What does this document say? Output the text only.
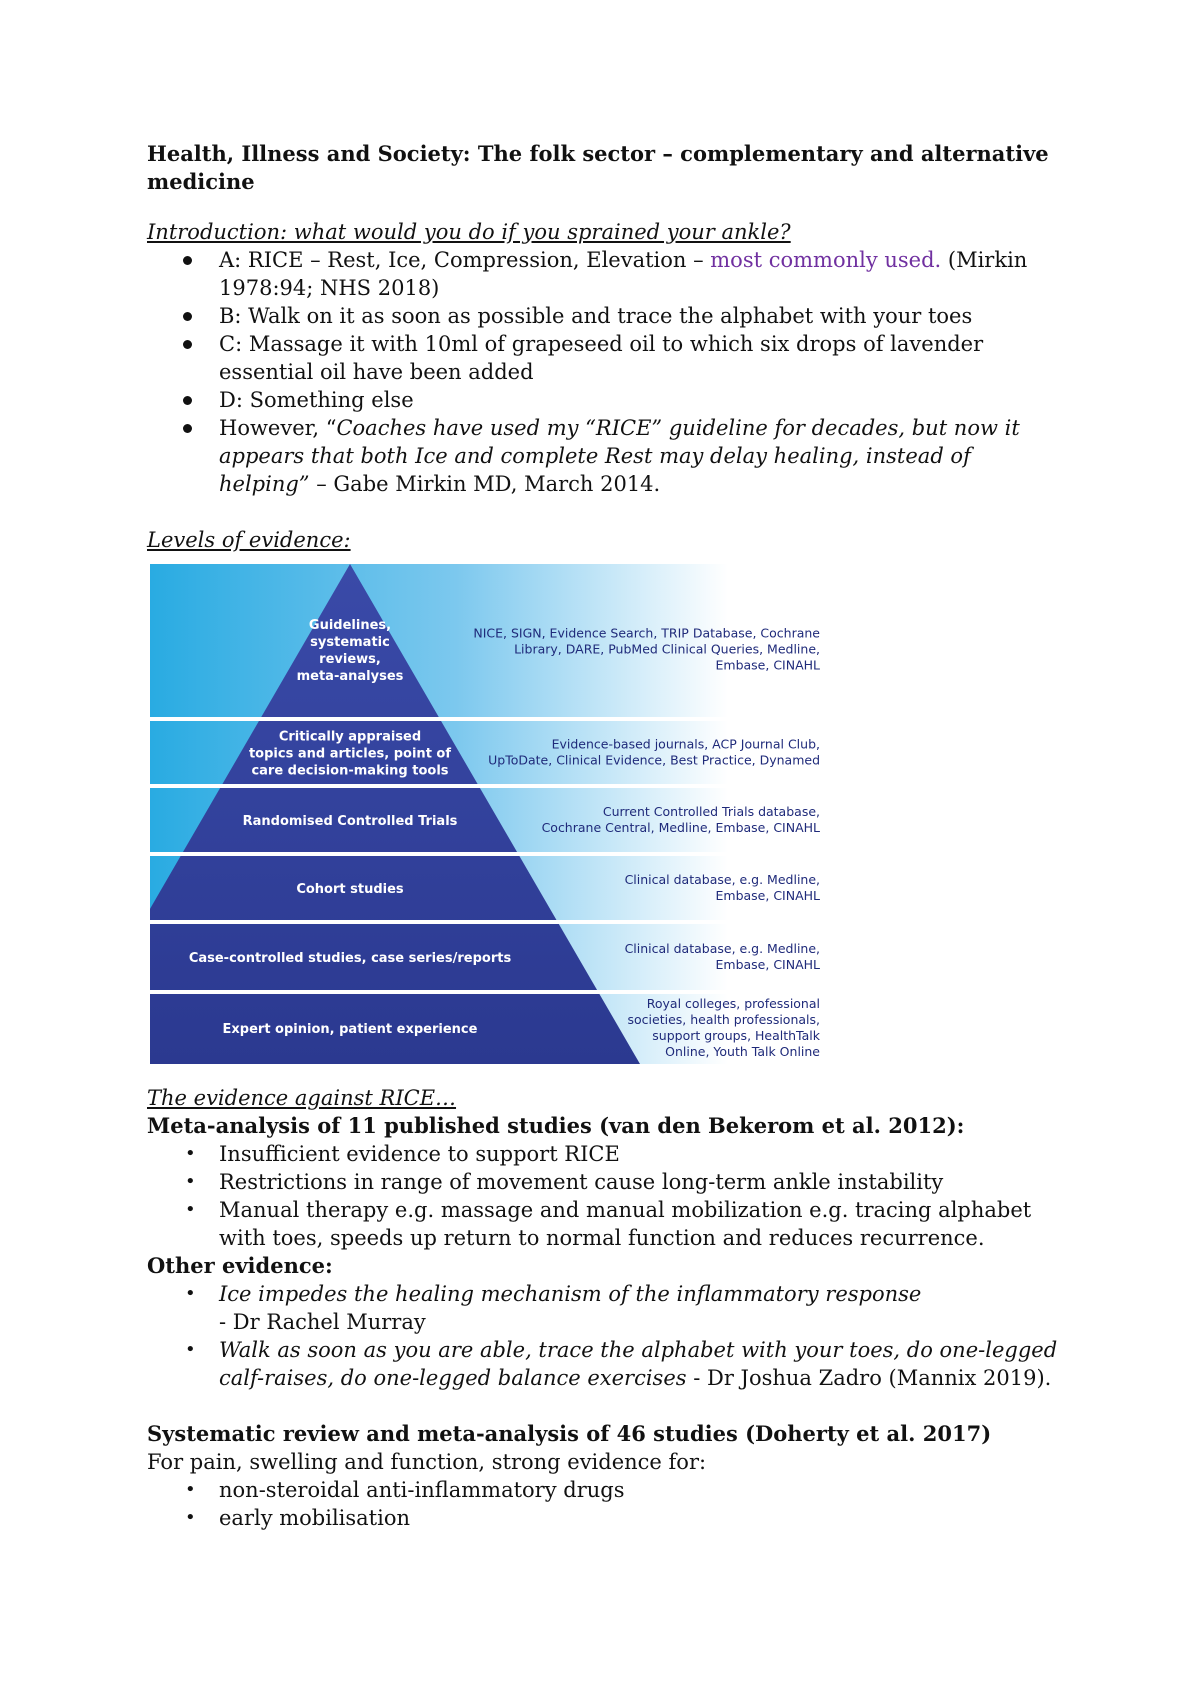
Health, Illness and Society: The folk sector – complementary and alternative medicine
Introduction: what would you do if you sprained your ankle?
A: RICE – Rest, Ice, Compression, Elevation – most commonly used. (Mirkin 1978:94; NHS 2018)
B: Walk on it as soon as possible and trace the alphabet with your toes
C: Massage it with 10ml of grapeseed oil to which six drops of lavender essential oil have been added
D: Something else
However, “Coaches have used my “RICE” guideline for decades, but now it appears that both Ice and complete Rest may delay healing, instead of helping” – Gabe Mirkin MD, March 2014.
Levels of evidence:
Guidelines,
systematic
reviews,
meta-analyses
NICE, SIGN, Evidence Search, TRIP Database, Cochrane
Library, DARE, PubMed Clinical Queries, Medline,
Embase, CINAHL
Critically appraised
topics and articles, point of
care decision-making tools
Evidence-based journals, ACP Journal Club,
UpToDate, Clinical Evidence, Best Practice, Dynamed
Randomised Controlled Trials
Current Controlled Trials database,
Cochrane Central, Medline, Embase, CINAHL
Cohort studies
Clinical database, e.g. Medline,
Embase, CINAHL
Case-controlled studies, case series/reports
Clinical database, e.g. Medline,
Embase, CINAHL
Expert opinion, patient experience
Royal colleges, professional
societies, health professionals,
support groups, HealthTalk
Online, Youth Talk Online
The evidence against RICE…
Meta-analysis of 11 published studies (van den Bekerom et al. 2012):
• Insufficient evidence to support RICE
• Restrictions in range of movement cause long-term ankle instability
• Manual therapy e.g. massage and manual mobilization e.g. tracing alphabet with toes, speeds up return to normal function and reduces recurrence.
Other evidence:
• Ice impedes the healing mechanism of the inflammatory response
- Dr Rachel Murray
• Walk as soon as you are able, trace the alphabet with your toes, do one-legged calf-raises, do one-legged balance exercises - Dr Joshua Zadro (Mannix 2019).
Systematic review and meta-analysis of 46 studies (Doherty et al. 2017)
For pain, swelling and function, strong evidence for:
• non-steroidal anti-inflammatory drugs
• early mobilisation
